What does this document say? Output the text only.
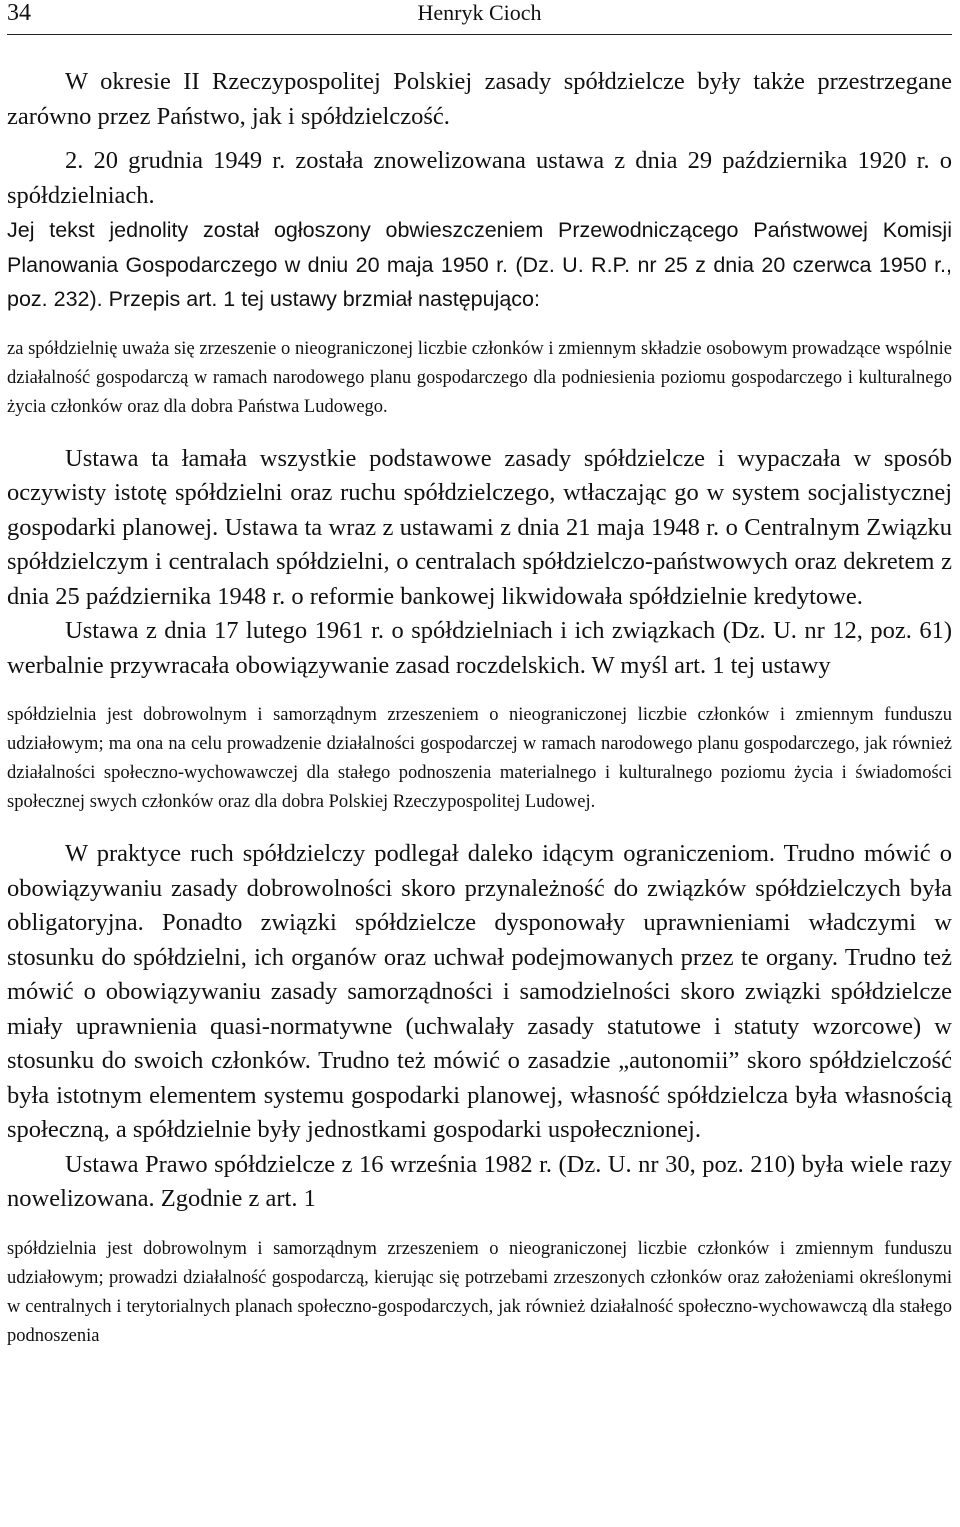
34	Henryk Cioch

W okresie II Rzeczypospolitej Polskiej zasady spółdzielcze były także przestrzegane zarówno przez Państwo, jak i spółdzielczość.

2. 20 grudnia 1949 r. została znowelizowana ustawa z dnia 29 października 1920 r. o spółdzielniach.

Jej tekst jednolity został ogłoszony obwieszczeniem Przewodniczącego Państwowej Komisji Planowania Gospodarczego w dniu 20 maja 1950 r. (Dz. U. R.P. nr 25 z dnia 20 czerwca 1950 r., poz. 232). Przepis art. 1 tej ustawy brzmiał następująco:

za spółdzielnię uważa się zrzeszenie o nieograniczonej liczbie członków i zmiennym składzie osobowym prowadzące wspólnie działalność gospodarczą w ramach narodowego planu gospodarczego dla podniesienia poziomu gospodarczego i kulturalnego życia członków oraz dla dobra Państwa Ludowego.

Ustawa ta łamała wszystkie podstawowe zasady spółdzielcze i wypaczała w sposób oczywisty istotę spółdzielni oraz ruchu spółdzielczego, wtłaczając go w system socjalistycznej gospodarki planowej. Ustawa ta wraz z ustawami z dnia 21 maja 1948 r. o Centralnym Związku spółdzielczym i centralach spółdzielni, o centralach spółdzielczo-państwowych oraz dekretem z dnia 25 października 1948 r. o reformie bankowej likwidowała spółdzielnie kredytowe.

Ustawa z dnia 17 lutego 1961 r. o spółdzielniach i ich związkach (Dz. U. nr 12, poz. 61) werbalnie przywracała obowiązywanie zasad roczdelskich. W myśl art. 1 tej ustawy

spółdzielnia jest dobrowolnym i samorządnym zrzeszeniem o nieograniczonej liczbie członków i zmiennym funduszu udziałowym; ma ona na celu prowadzenie działalności gospodarczej w ramach narodowego planu gospodarczego, jak również działalności społeczno-wychowawczej dla stałego podnoszenia materialnego i kulturalnego poziomu życia i świadomości społecznej swych członków oraz dla dobra Polskiej Rzeczypospolitej Ludowej.

W praktyce ruch spółdzielczy podlegał daleko idącym ograniczeniom. Trudno mówić o obowiązywaniu zasady dobrowolności skoro przynależność do związków spółdzielczych była obligatoryjna. Ponadto związki spółdzielcze dysponowały uprawnieniami władczymi w stosunku do spółdzielni, ich organów oraz uchwał podejmowanych przez te organy. Trudno też mówić o obowiązywaniu zasady samorządności i samodzielności skoro związki spółdzielcze miały uprawnienia quasi-normatywne (uchwalały zasady statutowe i statuty wzorcowe) w stosunku do swoich członków. Trudno też mówić o zasadzie „autonomii” skoro spółdzielczość była istotnym elementem systemu gospodarki planowej, własność spółdzielcza była własnością społeczną, a spółdzielnie były jednostkami gospodarki uspołecznionej.

Ustawa Prawo spółdzielcze z 16 września 1982 r. (Dz. U. nr 30, poz. 210) była wiele razy nowelizowana. Zgodnie z art. 1

spółdzielnia jest dobrowolnym i samorządnym zrzeszeniem o nieograniczonej liczbie członków i zmiennym funduszu udziałowym; prowadzi działalność gospodarczą, kierując się potrzebami zrzeszonych członków oraz założeniami określonymi w centralnych i terytorialnych planach społeczno-gospodarczych, jak również działalność społeczno-wychowawczą dla stałego podnoszenia
